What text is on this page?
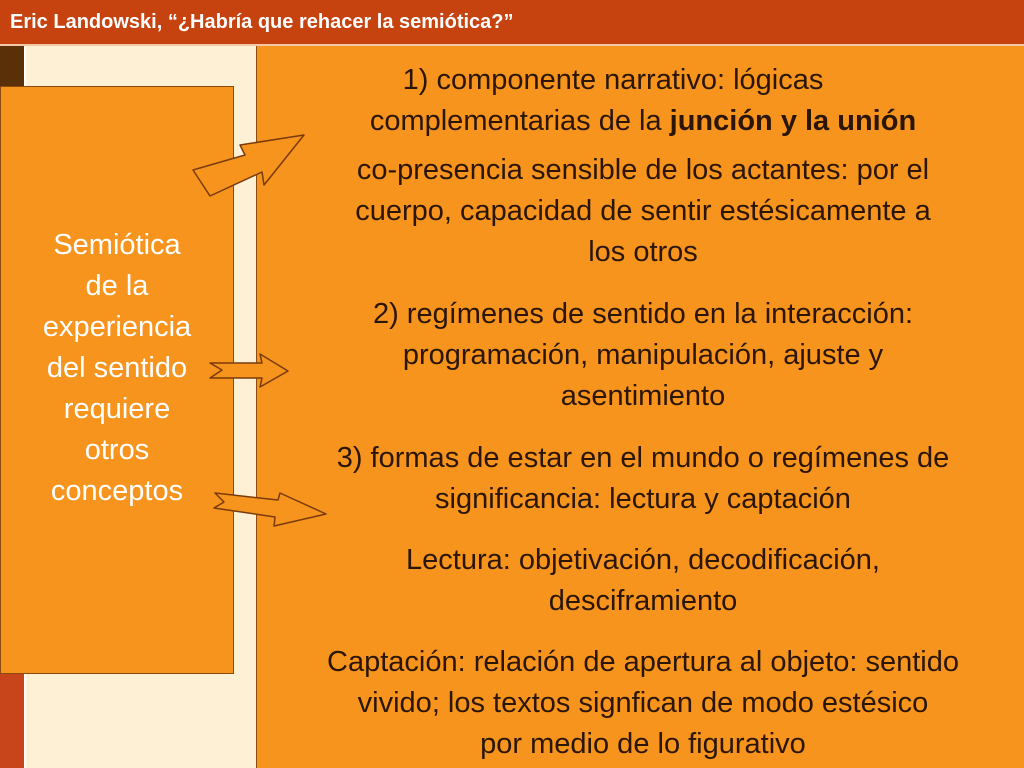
Eric Landowski, “¿Habría que rehacer la semiótica?”
Semiótica
de la
experiencia
del sentido
requiere
otros
conceptos
1) componente narrativo: lógicas
complementarias de la junción y la unión
co-presencia sensible de los actantes: por el
cuerpo, capacidad de sentir estésicamente a
los otros
2) regímenes de sentido en la interacción:
programación, manipulación, ajuste y
asentimiento
3) formas de estar en el mundo o regímenes de
significancia: lectura y captación
Lectura: objetivación, decodificación,
desciframiento
Captación: relación de apertura al objeto: sentido
vivido; los textos signfican de modo estésico
por medio de lo figurativo
